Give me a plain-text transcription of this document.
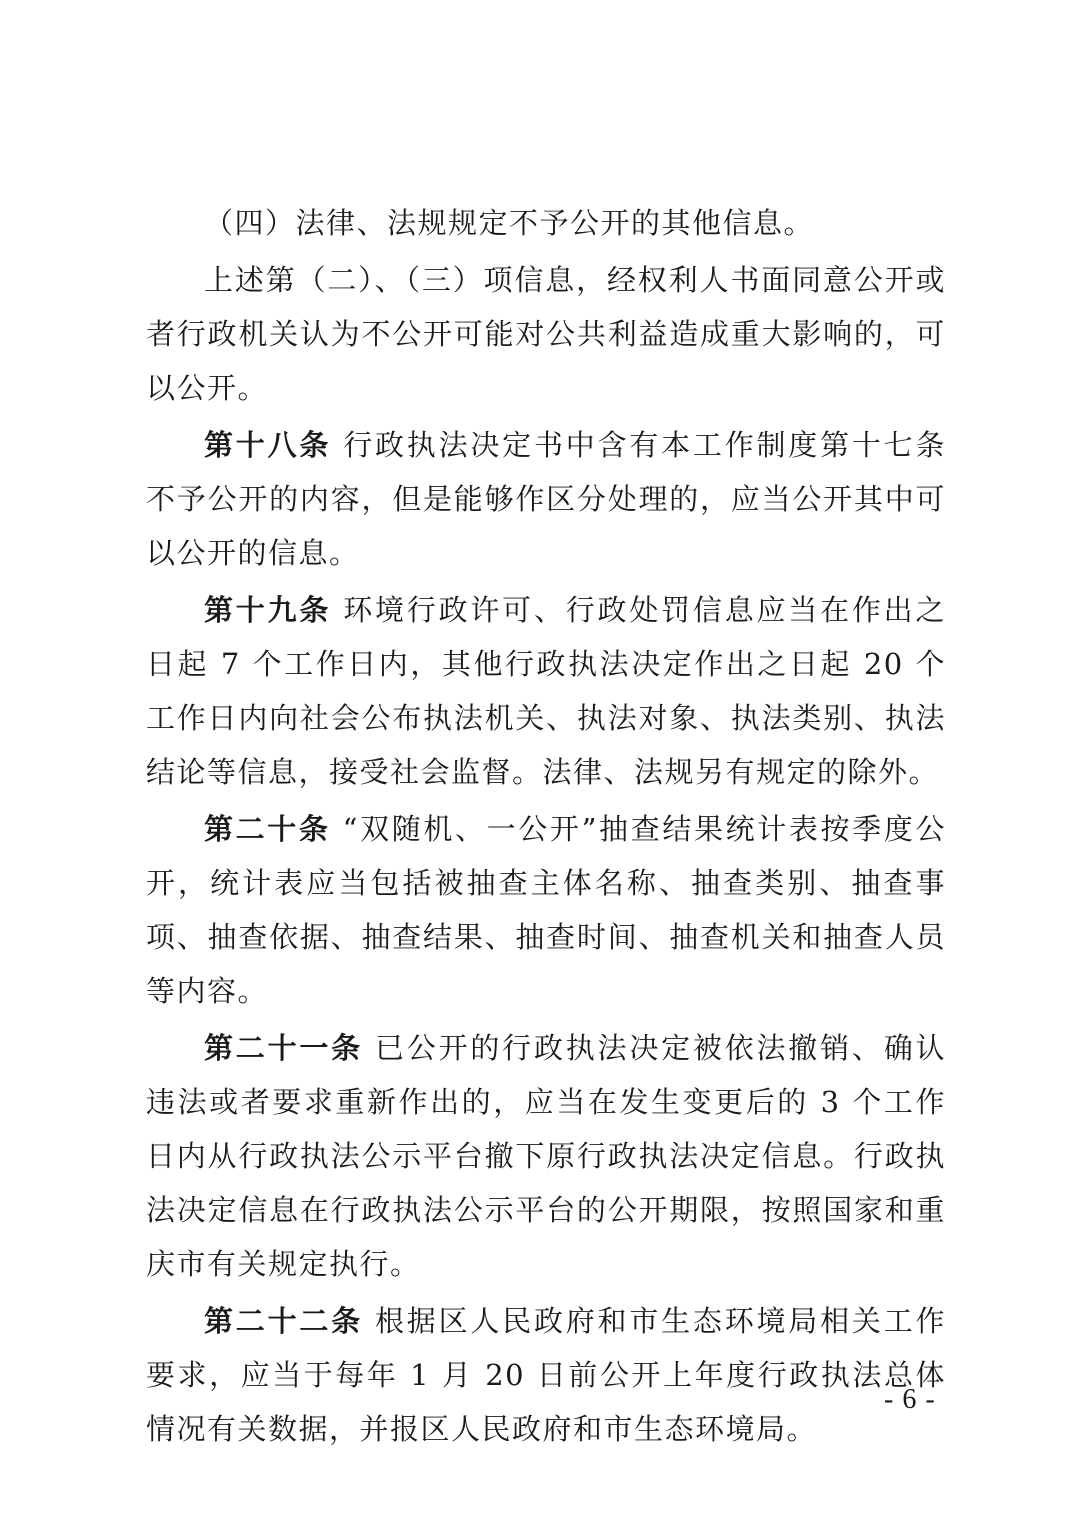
（四）法律、法规规定不予公开的其他信息。

上述第（二）、（三）项信息，经权利人书面同意公开或者行政机关认为不公开可能对公共利益造成重大影响的，可以公开。

第十八条 行政执法决定书中含有本工作制度第十七条不予公开的内容，但是能够作区分处理的，应当公开其中可以公开的信息。

第十九条 环境行政许可、行政处罚信息应当在作出之日起 7 个工作日内，其他行政执法决定作出之日起 20 个工作日内向社会公布执法机关、执法对象、执法类别、执法结论等信息，接受社会监督。法律、法规另有规定的除外。

第二十条 “双随机、一公开”抽查结果统计表按季度公开，统计表应当包括被抽查主体名称、抽查类别、抽查事项、抽查依据、抽查结果、抽查时间、抽查机关和抽查人员等内容。

第二十一条 已公开的行政执法决定被依法撤销、确认违法或者要求重新作出的，应当在发生变更后的 3 个工作日内从行政执法公示平台撤下原行政执法决定信息。行政执法决定信息在行政执法公示平台的公开期限，按照国家和重庆市有关规定执行。

第二十二条 根据区人民政府和市生态环境局相关工作要求，应当于每年 1 月 20 日前公开上年度行政执法总体情况有关数据，并报区人民政府和市生态环境局。

- 6 -
